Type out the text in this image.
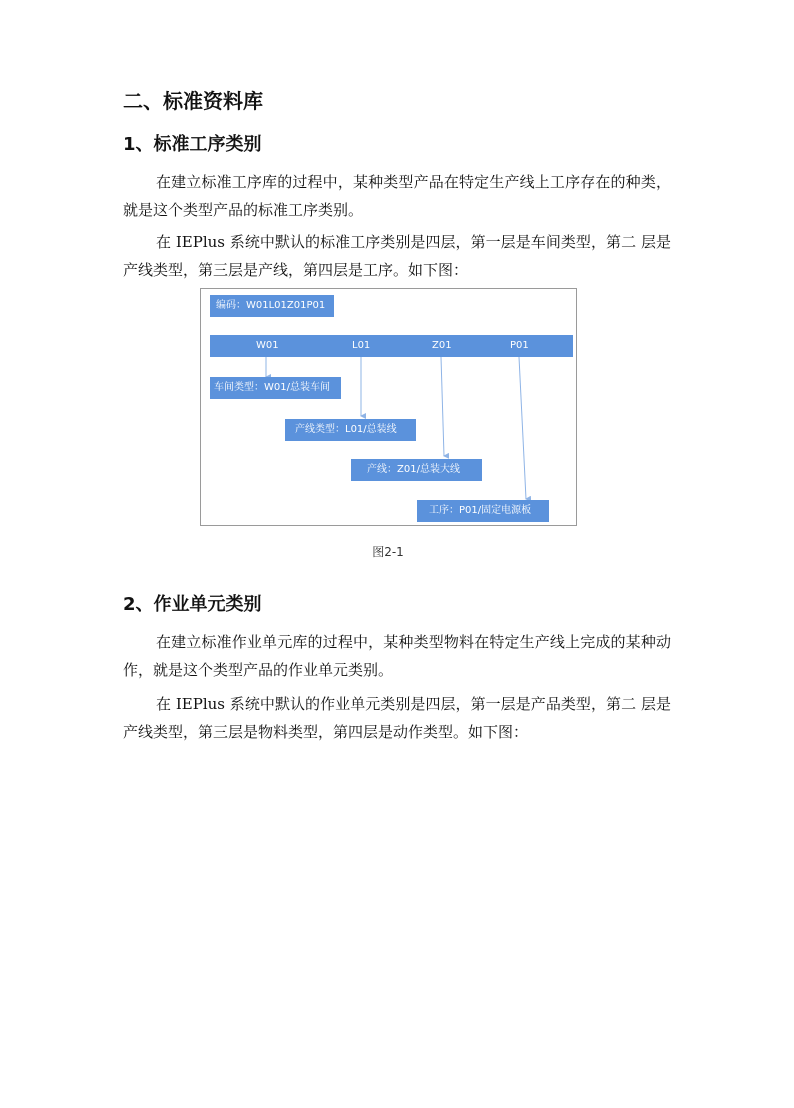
二、标准资料库
1、标准工序类别
在建立标准工序库的过程中，某种类型产品在特定生产线上工序存在的种类，就是这个类型产品的标准工序类别。
在 IEPlus 系统中默认的标准工序类别是四层，第一层是车间类型，第二 层是产线类型，第三层是产线，第四层是工序。如下图：
编码：W01L01Z01P01
W01	L01	Z01	P01
车间类型：W01/总装车间
产线类型：L01/总装线
产线：Z01/总装大线
工序：P01/固定电源板
图2-1
2、作业单元类别
在建立标准作业单元库的过程中，某种类型物料在特定生产线上完成的某种动作，就是这个类型产品的作业单元类别。
在 IEPlus 系统中默认的作业单元类别是四层，第一层是产品类型，第二 层是产线类型，第三层是物料类型，第四层是动作类型。如下图：
